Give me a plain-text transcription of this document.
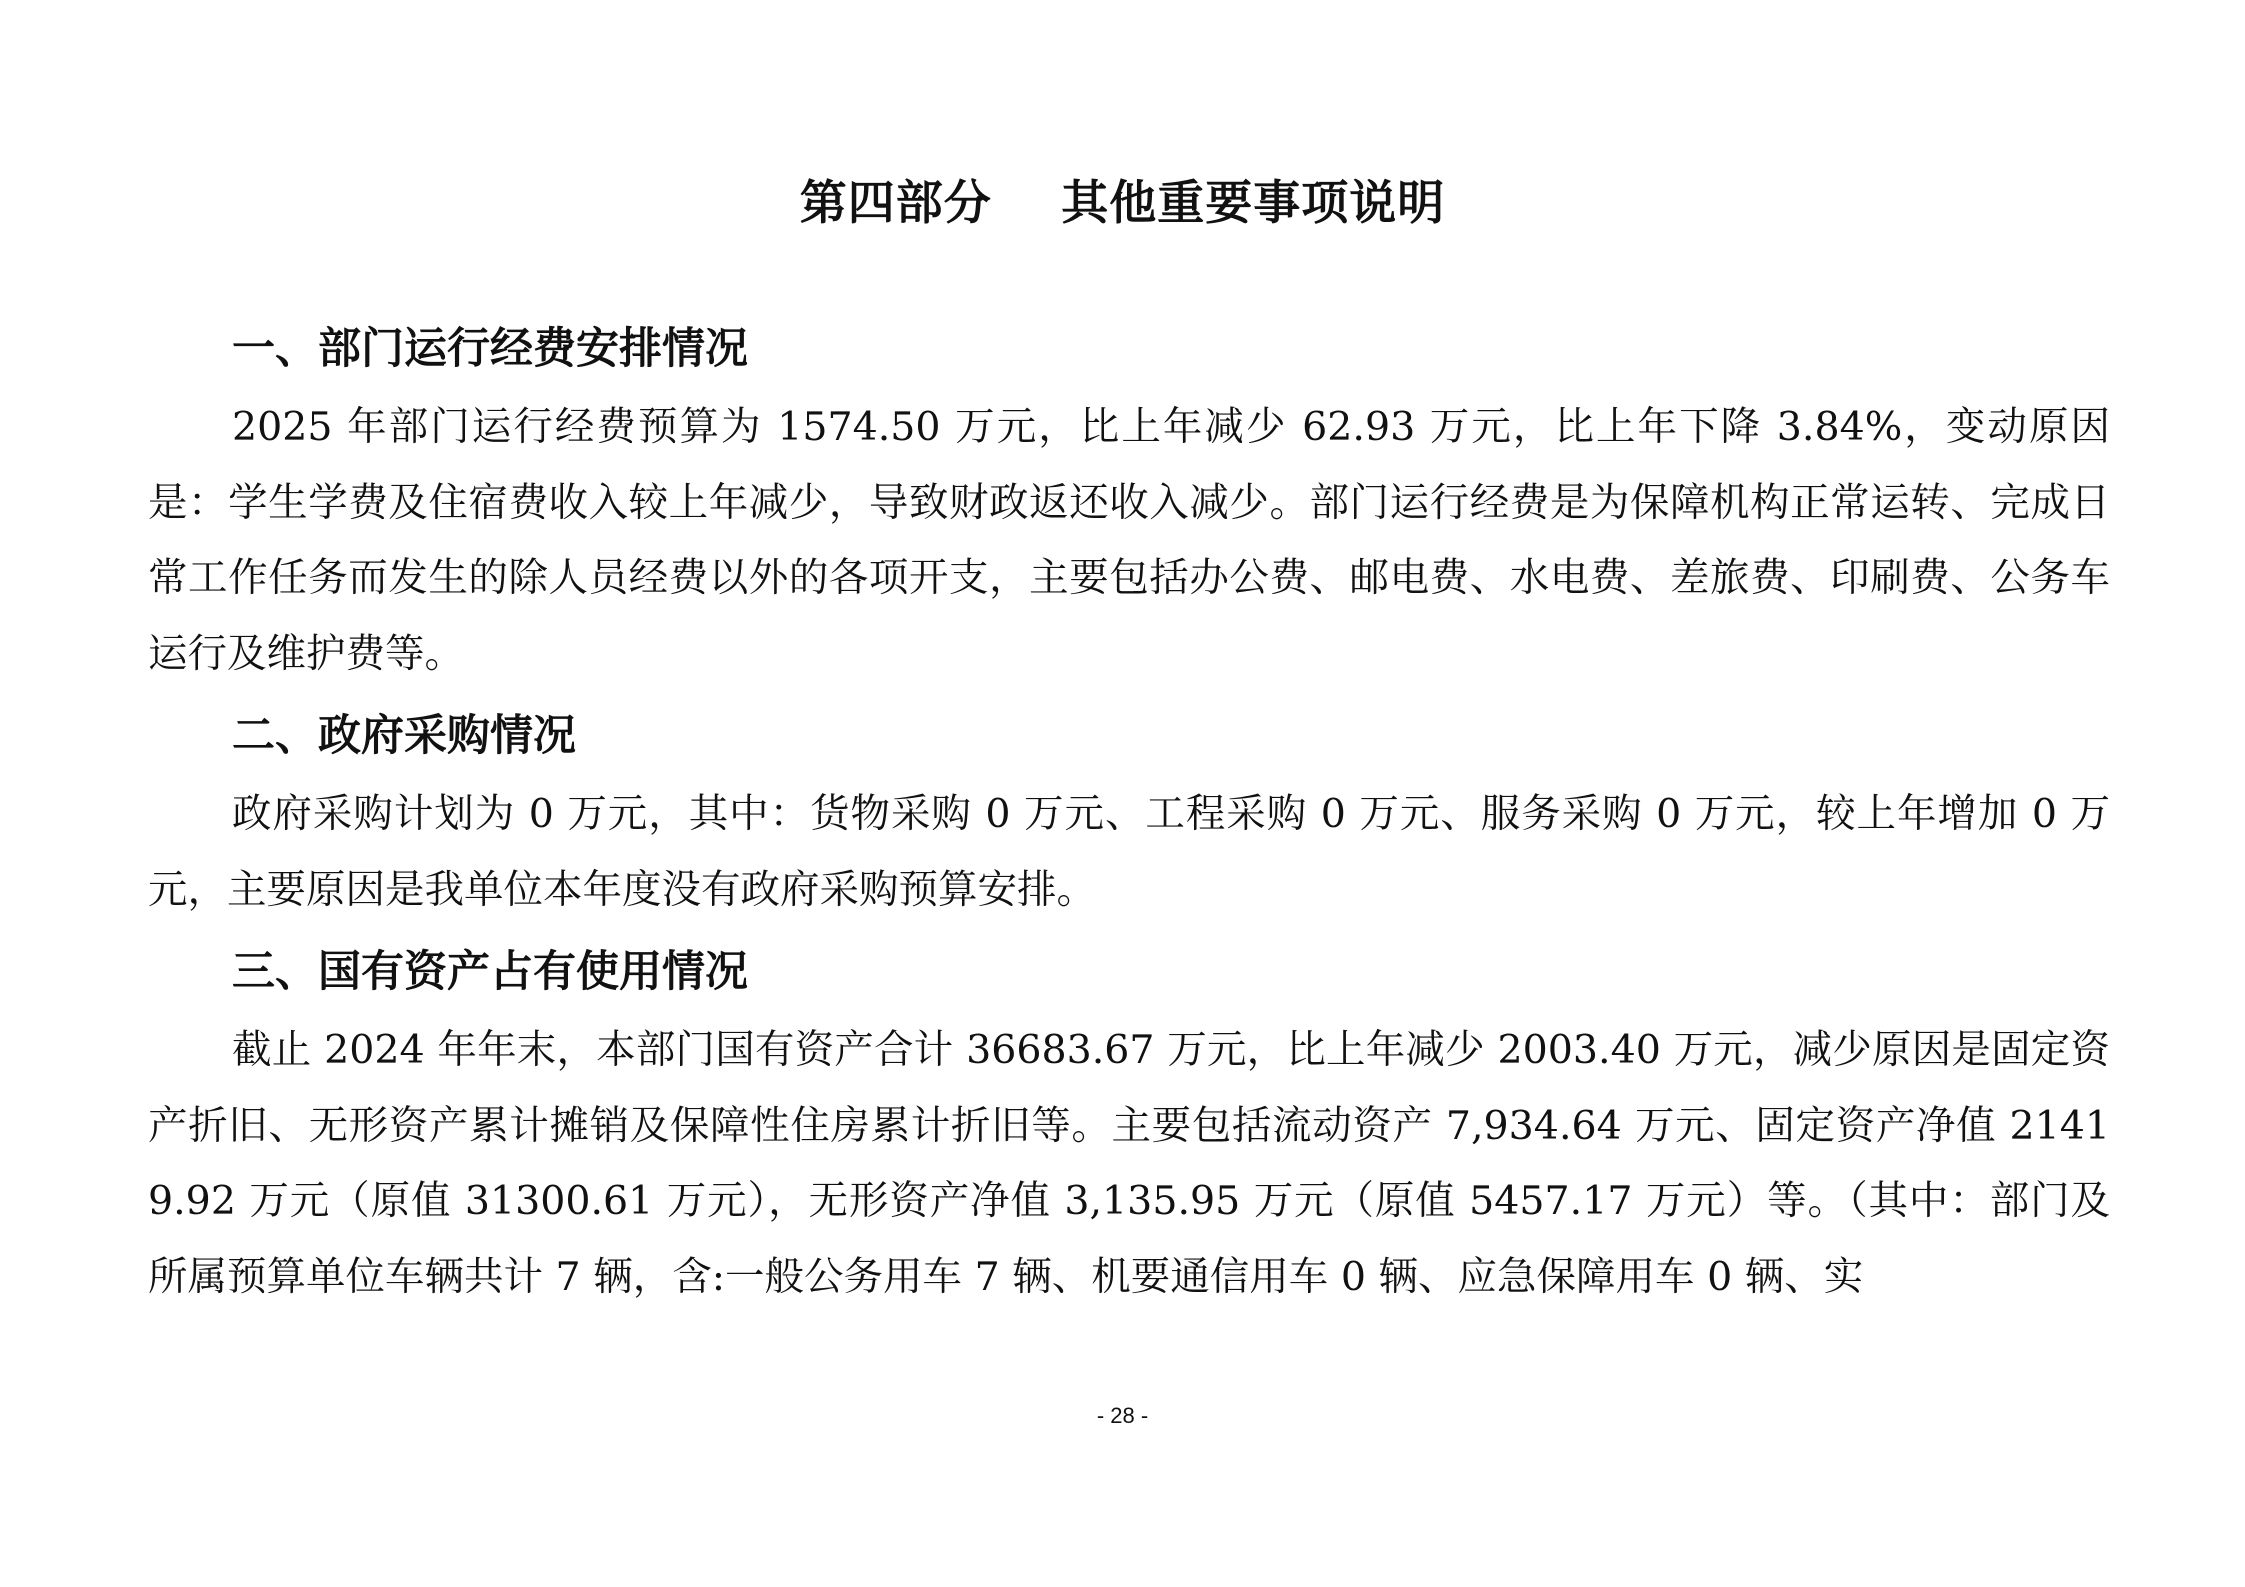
第四部分    其他重要事项说明
一、部门运行经费安排情况

2025 年部门运行经费预算为 1574.50 万元，比上年减少 62.93 万元，比上年下降 3.84%，变动原因是：学生学费及住宿费收入较上年减少，导致财政返还收入减少。部门运行经费是为保障机构正常运转、完成日常工作任务而发生的除人员经费以外的各项开支，主要包括办公费、邮电费、水电费、差旅费、印刷费、公务车运行及维护费等。

二、政府采购情况

政府采购计划为 0 万元，其中：货物采购 0 万元、工程采购 0 万元、服务采购 0 万元，较上年增加 0 万元，主要原因是我单位本年度没有政府采购预算安排。

三、国有资产占有使用情况

截止 2024 年年末，本部门国有资产合计 36683.67 万元，比上年减少 2003.40 万元，减少原因是固定资产折旧、无形资产累计摊销及保障性住房累计折旧等。主要包括流动资产 7,934.64 万元、固定资产净值 21419.92 万元（原值 31300.61 万元），无形资产净值 3,135.95 万元（原值 5457.17 万元）等。（其中：部门及所属预算单位车辆共计 7 辆，含:一般公务用车 7 辆、机要通信用车 0 辆、应急保障用车 0 辆、实

- 28 -
